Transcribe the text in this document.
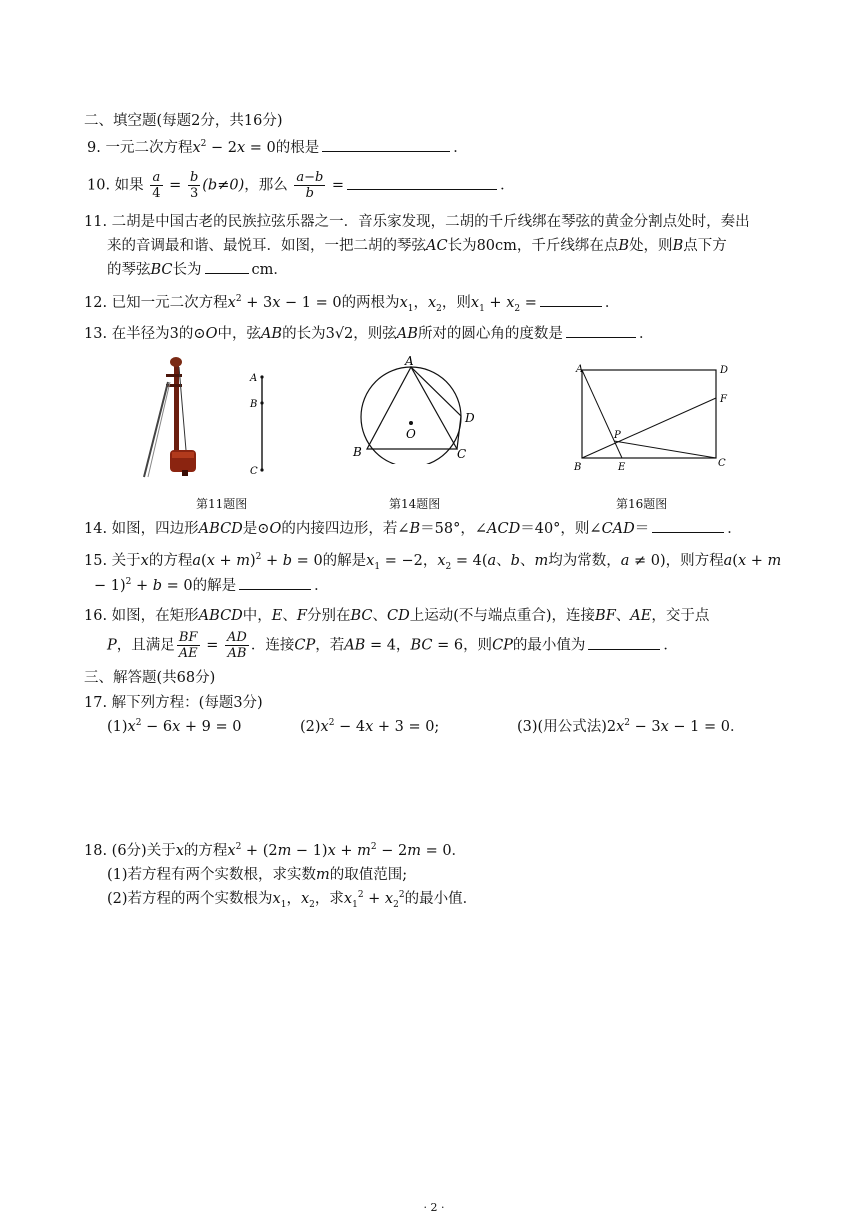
二、填空题(每题2分，共16分)
9. 一元二次方程$x^2 - 2x = 0$的根是	．
10. 如果 $\frac{a}{4} = \frac{b}{3} (b\ne 0)$，那么 $\frac{a-b}{b}$ =	．
11. 二胡是中国古老的民族拉弦乐器之一．音乐家发现，二胡的千斤线绑在琴弦的黄金分割点处时，奏出
来的音调最和谐、最悦耳．如图，一把二胡的琴弦AC长为80cm，千斤线绑在点B处，则B点下方
的琴弦BC长为	cm．
12. 已知一元二次方程$x^2 + 3x - 1 = 0$的两根为$x_1$，$x_2$，则$x_1 + x_2$ =	．
13. 在半径为3的⊙O中，弦AB的长为3√2，则弦AB所对的圆心角的度数是	．
A
B
C
第11题图
A
B	C
D
O
第14题图
A	D
F
B	E	C
P
第16题图
14. 如图，四边形ABCD是⊙O的内接四边形，若∠B＝58°，∠ACD＝40°，则∠CAD＝	．
15. 关于x的方程$a(x + m)^2 + b = 0$的解是$x_1 = -2$，$x_2 = 4(a$、b、m均为常数，a ≠ 0)，则方程a(x + m
− 1)$^2$ + b = 0的解是	．
16. 如图，在矩形ABCD中，E、F分别在BC、CD上运动(不与端点重合)，连接BF、AE，交于点
P，且满足 $\frac{BF}{AE} = \frac{AD}{AB}$ ．连接CP，若AB = 4，BC = 6，则CP的最小值为	．
三、解答题(共68分)
17. 解下列方程：(每题3分)
$(1)x^2 - 6x + 9 = 0$	$(2)x^2 - 4x + 3 = 0$;	(3)(用公式法)$2x^2 - 3x - 1 = 0$．
18. (6分)关于x的方程$x^2 + (2m - 1)x + m^2 - 2m = 0$．
(1)若方程有两个实数根，求实数m的取值范围;
(2)若方程的两个实数根为$x_1$，$x_2$，求$x_1^2 + x_2^2$的最小值．
· 2 ·
